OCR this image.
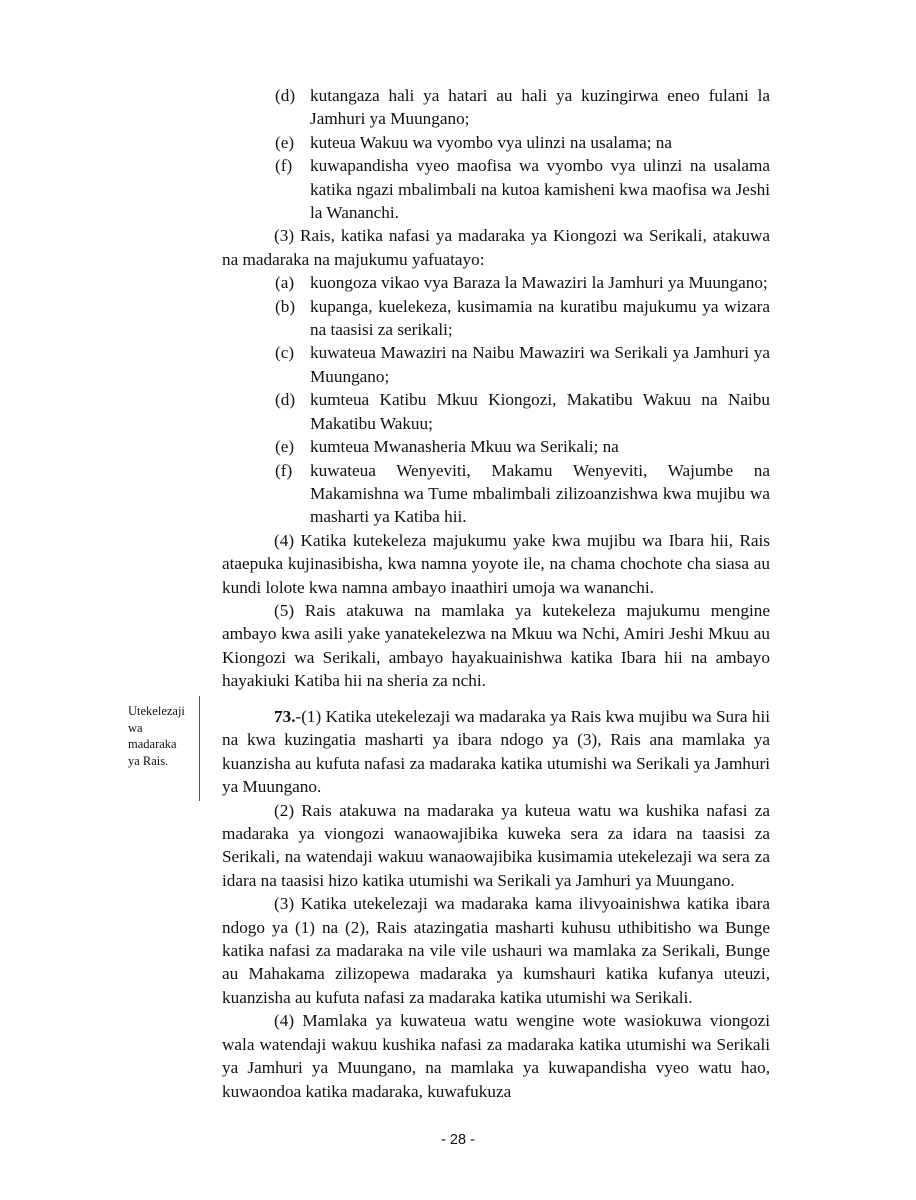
(d) kutangaza hali ya hatari au hali ya kuzingirwa eneo fulani la Jamhuri ya Muungano;
(e) kuteua Wakuu wa vyombo vya ulinzi na usalama; na
(f) kuwapandisha vyeo maofisa wa vyombo vya ulinzi na usalama katika ngazi mbalimbali na kutoa kamisheni kwa maofisa wa Jeshi la Wananchi.

(3) Rais, katika nafasi ya madaraka ya Kiongozi wa Serikali, atakuwa na madaraka na majukumu yafuatayo:

(a) kuongoza vikao vya Baraza la Mawaziri la Jamhuri ya Muungano;
(b) kupanga, kuelekeza, kusimamia na kuratibu majukumu ya wizara na taasisi za serikali;
(c) kuwateua Mawaziri na Naibu Mawaziri wa Serikali ya Jamhuri ya Muungano;
(d) kumteua Katibu Mkuu Kiongozi, Makatibu Wakuu na Naibu Makatibu Wakuu;
(e) kumteua Mwanasheria Mkuu wa Serikali; na
(f) kuwateua Wenyeviti, Makamu Wenyeviti, Wajumbe na Makamishna wa Tume mbalimbali zilizoanzishwa kwa mujibu wa masharti ya Katiba hii.

(4) Katika kutekeleza majukumu yake kwa mujibu wa Ibara hii, Rais ataepuka kujinasibisha, kwa namna yoyote ile, na chama chochote cha siasa au kundi lolote kwa namna ambayo inaathiri umoja wa wananchi.

(5) Rais atakuwa na mamlaka ya kutekeleza majukumu mengine ambayo kwa asili yake yanatekelezwa na Mkuu wa Nchi, Amiri Jeshi Mkuu au Kiongozi wa Serikali, ambayo hayakuainishwa katika Ibara hii na ambayo hayakiuki Katiba hii na sheria za nchi.

Utekelezaji
wa
madaraka
ya Rais.

73.-(1) Katika utekelezaji wa madaraka ya Rais kwa mujibu wa Sura hii na kwa kuzingatia masharti ya ibara ndogo ya (3), Rais ana mamlaka ya kuanzisha au kufuta nafasi za madaraka katika utumishi wa Serikali ya Jamhuri ya Muungano.

(2) Rais atakuwa na madaraka ya kuteua watu wa kushika nafasi za madaraka ya viongozi wanaowajibika kuweka sera za idara na taasisi za Serikali, na watendaji wakuu wanaowajibika kusimamia utekelezaji wa sera za idara na taasisi hizo katika utumishi wa Serikali ya Jamhuri ya Muungano.

(3) Katika utekelezaji wa madaraka kama ilivyoainishwa katika ibara ndogo ya (1) na (2), Rais atazingatia masharti kuhusu uthibitisho wa Bunge katika nafasi za madaraka na vile vile ushauri wa mamlaka za Serikali, Bunge au Mahakama zilizopewa madaraka ya kumshauri katika kufanya uteuzi, kuanzisha au kufuta nafasi za madaraka katika utumishi wa Serikali.

(4) Mamlaka ya kuwateua watu wengine wote wasiokuwa viongozi wala watendaji wakuu kushika nafasi za madaraka katika utumishi wa Serikali ya Jamhuri ya Muungano, na mamlaka ya kuwapandisha vyeo watu hao, kuwaondoa katika madaraka, kuwafukuza

- 28 -
